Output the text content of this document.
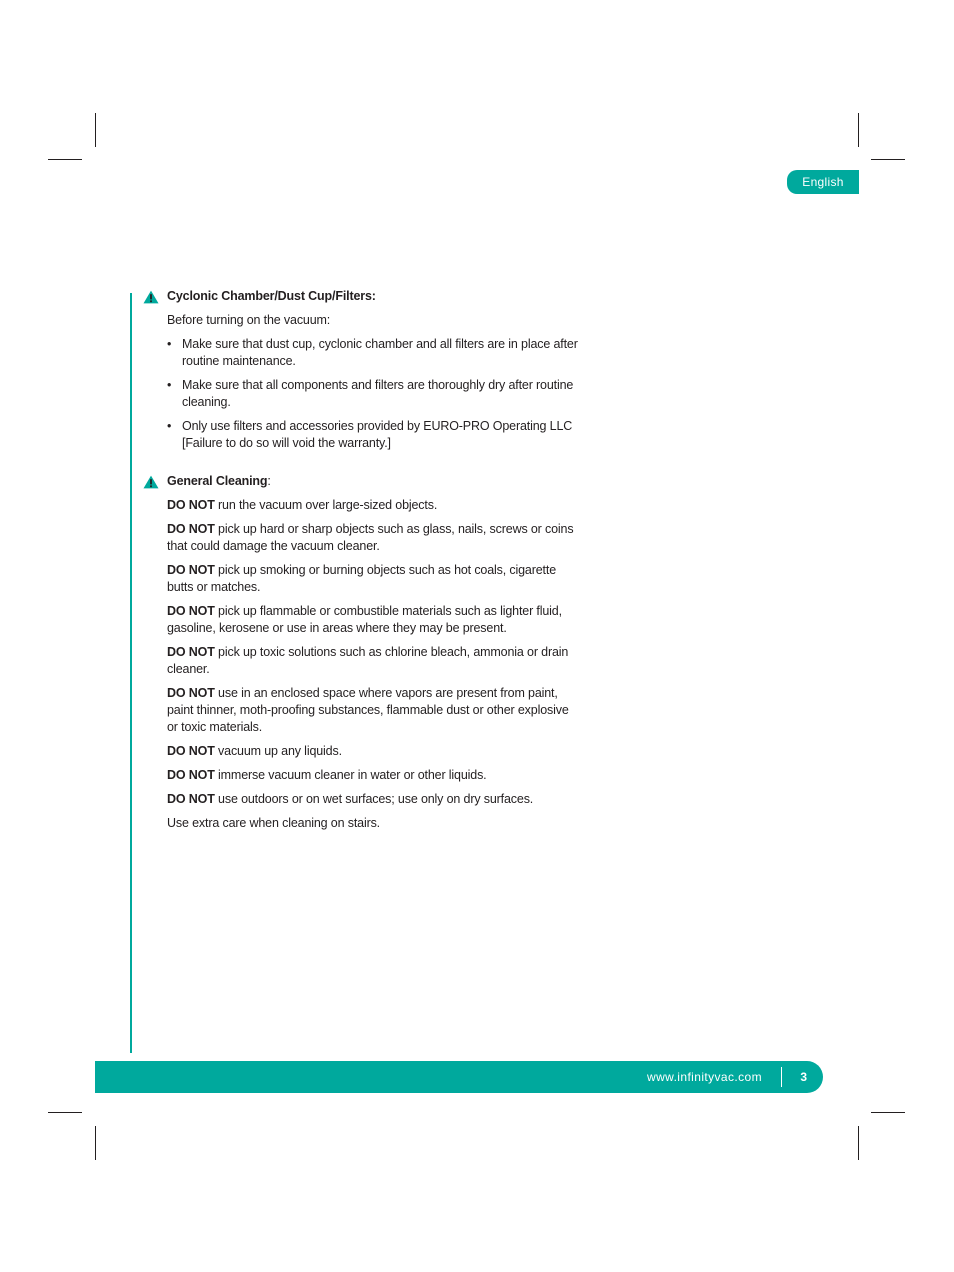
English

Cyclonic Chamber/Dust Cup/Filters:

Before turning on the vacuum:

• Make sure that dust cup, cyclonic chamber and all filters are in place after routine maintenance.
• Make sure that all components and filters are thoroughly dry after routine cleaning.
• Only use filters and accessories provided by EURO-PRO Operating LLC [Failure to do so will void the warranty.]

General Cleaning:

DO NOT run the vacuum over large-sized objects.

DO NOT pick up hard or sharp objects such as glass, nails, screws or coins that could damage the vacuum cleaner.

DO NOT pick up smoking or burning objects such as hot coals, cigarette butts or matches.

DO NOT pick up flammable or combustible materials such as lighter fluid, gasoline, kerosene or use in areas where they may be present.

DO NOT pick up toxic solutions such as chlorine bleach, ammonia or drain cleaner.

DO NOT use in an enclosed space where vapors are present from paint, paint thinner, moth-proofing substances, flammable dust or other explosive or toxic materials.

DO NOT vacuum up any liquids.

DO NOT immerse vacuum cleaner in water or other liquids.

DO NOT use outdoors or on wet surfaces; use only on dry surfaces.

Use extra care when cleaning on stairs.

www.infinityvac.com	3
